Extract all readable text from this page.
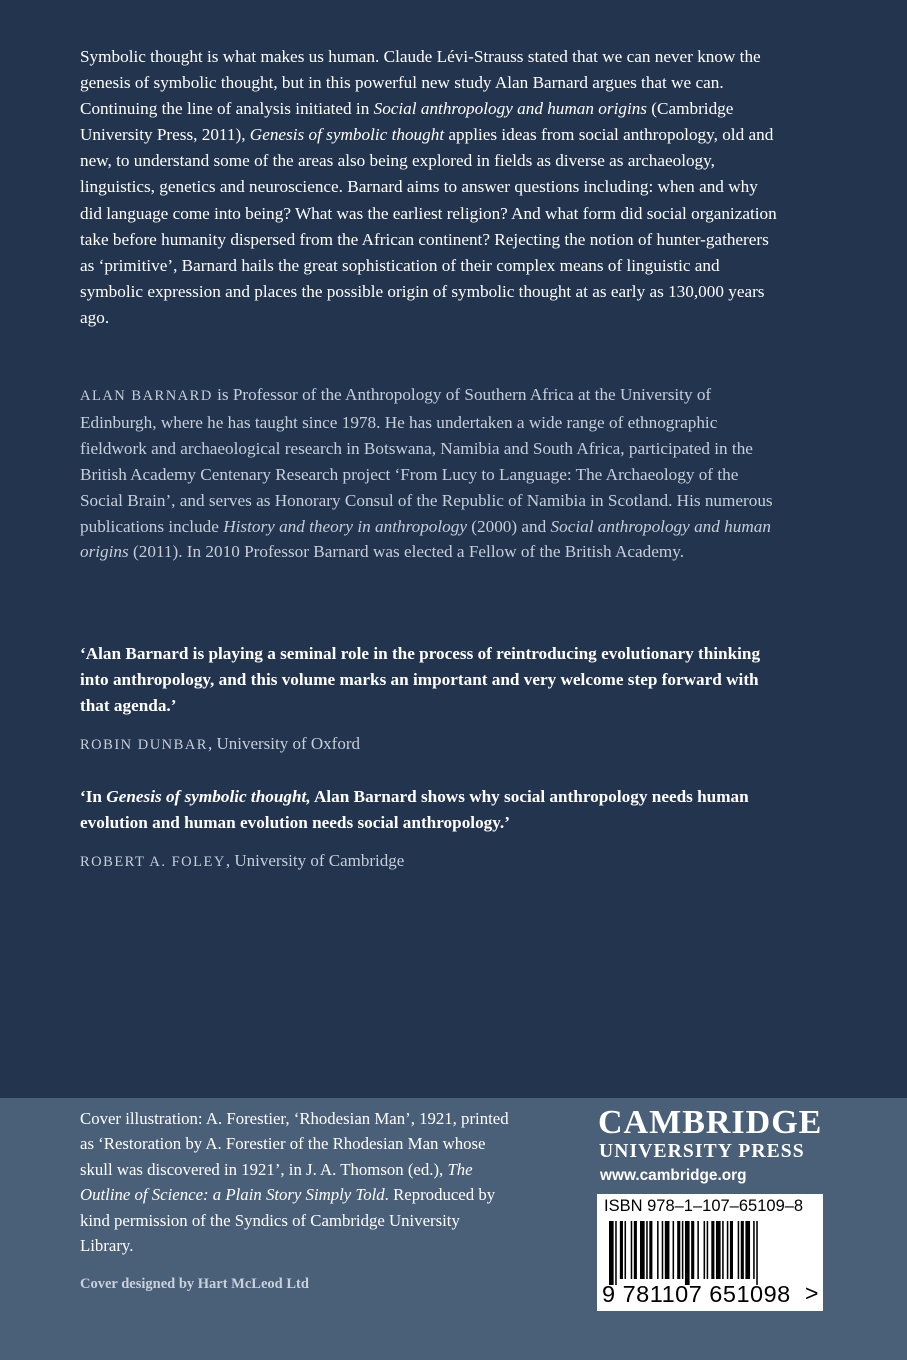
Symbolic thought is what makes us human. Claude Lévi-Strauss stated that we can never know the genesis of symbolic thought, but in this powerful new study Alan Barnard argues that we can. Continuing the line of analysis initiated in Social anthropology and human origins (Cambridge University Press, 2011), Genesis of symbolic thought applies ideas from social anthropology, old and new, to understand some of the areas also being explored in fields as diverse as archaeology, linguistics, genetics and neuroscience. Barnard aims to answer questions including: when and why did language come into being? What was the earliest religion? And what form did social organization take before humanity dispersed from the African continent? Rejecting the notion of hunter-gatherers as ‘primitive’, Barnard hails the great sophistication of their complex means of linguistic and symbolic expression and places the possible origin of symbolic thought at as early as 130,000 years ago.

ALAN BARNARD is Professor of the Anthropology of Southern Africa at the University of Edinburgh, where he has taught since 1978. He has undertaken a wide range of ethnographic fieldwork and archaeological research in Botswana, Namibia and South Africa, participated in the British Academy Centenary Research project ‘From Lucy to Language: The Archaeology of the Social Brain’, and serves as Honorary Consul of the Republic of Namibia in Scotland. His numerous publications include History and theory in anthropology (2000) and Social anthropology and human origins (2011). In 2010 Professor Barnard was elected a Fellow of the British Academy.

‘Alan Barnard is playing a seminal role in the process of reintroducing evolutionary thinking into anthropology, and this volume marks an important and very welcome step forward with that agenda.’

ROBIN DUNBAR, University of Oxford

‘In Genesis of symbolic thought, Alan Barnard shows why social anthropology needs human evolution and human evolution needs social anthropology.’

ROBERT A. FOLEY, University of Cambridge

Cover illustration: A. Forestier, ‘Rhodesian Man’, 1921, printed as ‘Restoration by A. Forestier of the Rhodesian Man whose skull was discovered in 1921’, in J. A. Thomson (ed.), The Outline of Science: a Plain Story Simply Told. Reproduced by kind permission of the Syndics of Cambridge University Library.

Cover designed by Hart McLeod Ltd
CAMBRIDGE
UNIVERSITY PRESS
www.cambridge.org
ISBN 978–1–107–65109–8
9 781107 651098 >
